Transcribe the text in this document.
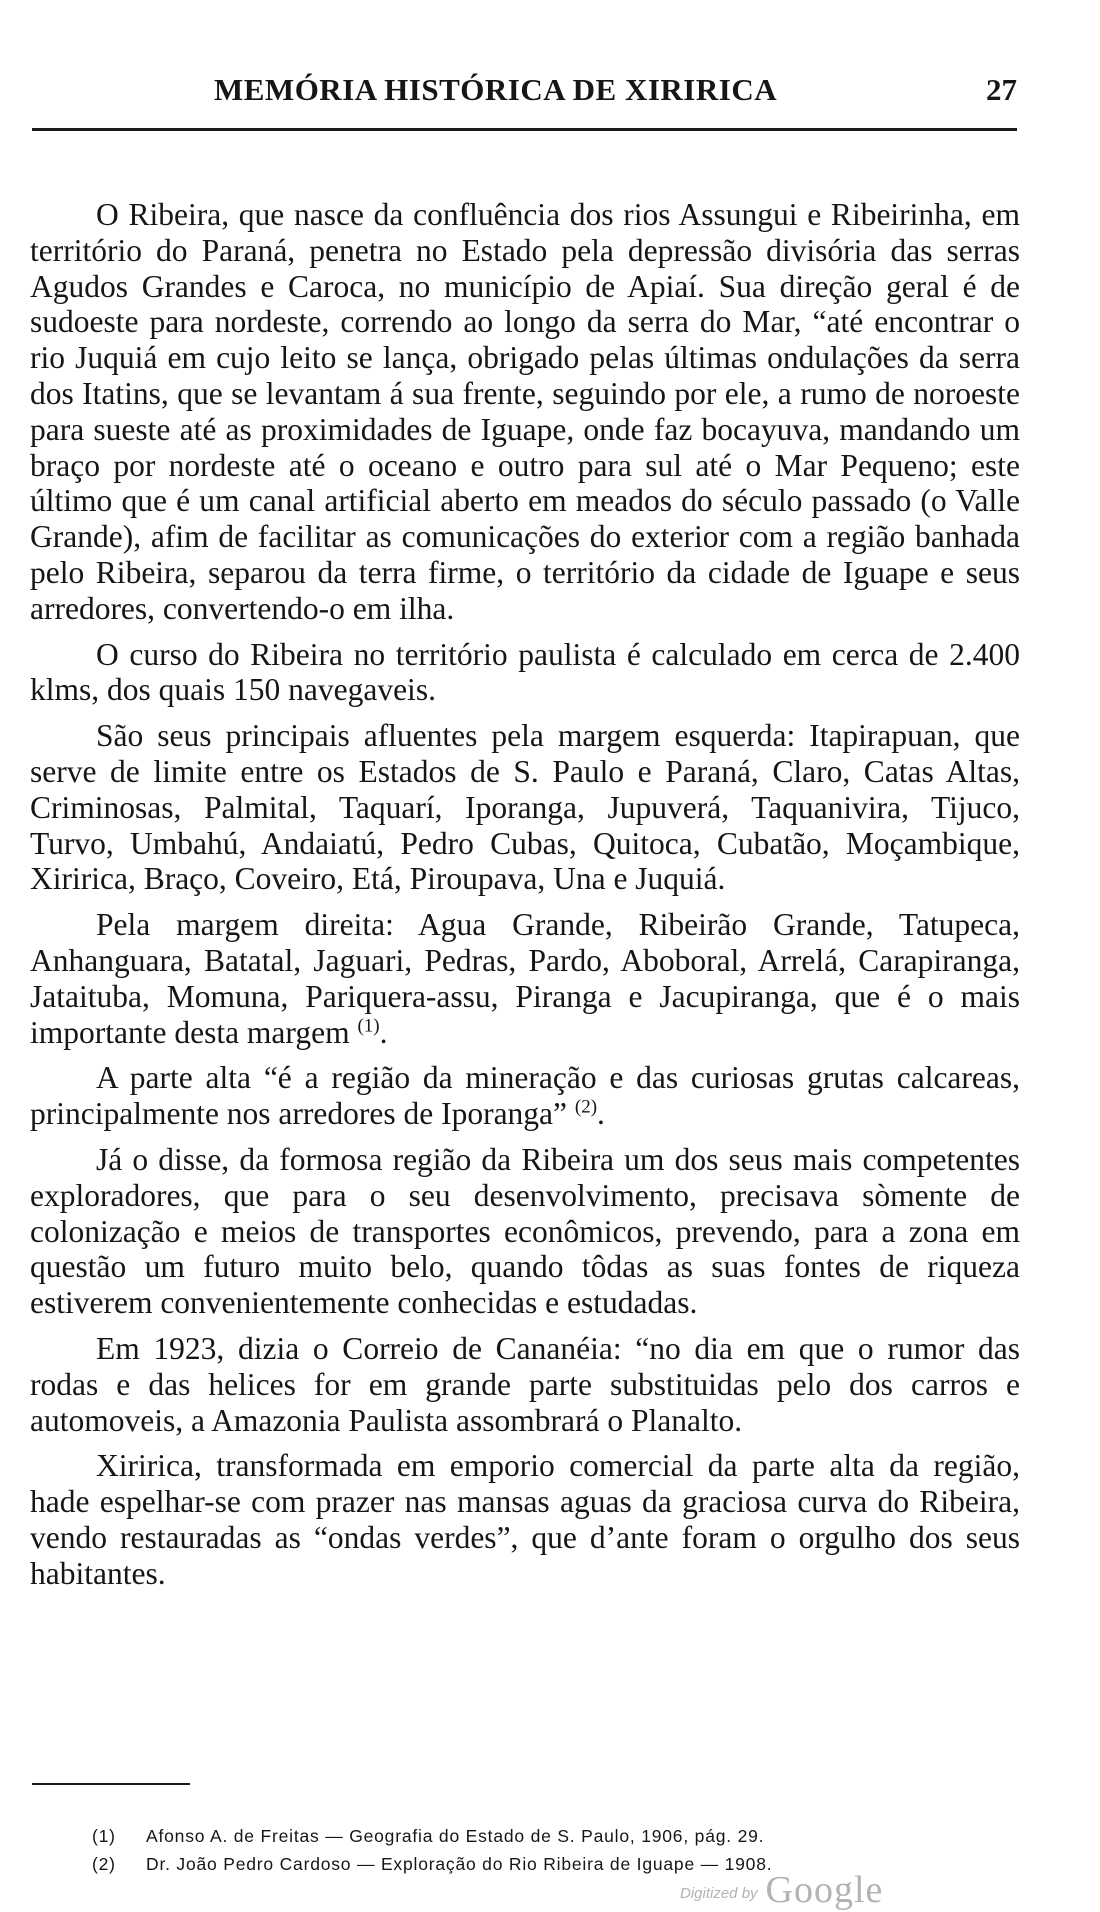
MEMÓRIA HISTÓRICA DE XIRIRICA	27

O Ribeira, que nasce da confluência dos rios Assungui e Ribeirinha, em território do Paraná, penetra no Estado pela depressão divisória das serras Agudos Grandes e Caroca, no município de Apiaí. Sua direção geral é de sudoeste para nordeste, correndo ao longo da serra do Mar, “até encontrar o rio Juquiá em cujo leito se lança, obrigado pelas últimas ondulações da serra dos Itatins, que se levantam á sua frente, seguindo por ele, a rumo de noroeste para sueste até as proximidades de Iguape, onde faz bocayuva, mandando um braço por nordeste até o oceano e outro para sul até o Mar Pequeno; este último que é um canal artificial aberto em meados do século passado (o Valle Grande), afim de facilitar as comunicações do exterior com a região banhada pelo Ribeira, separou da terra firme, o território da cidade de Iguape e seus arredores, convertendo-o em ilha.

O curso do Ribeira no território paulista é calculado em cerca de 2.400 klms, dos quais 150 navegaveis.

São seus principais afluentes pela margem esquerda: Itapirapuan, que serve de limite entre os Estados de S. Paulo e Paraná, Claro, Catas Altas, Criminosas, Palmital, Taquarí, Iporanga, Jupuverá, Taquanivira, Tijuco, Turvo, Umbahú, Andaiatú, Pedro Cubas, Quitoca, Cubatão, Moçambique, Xiririca, Braço, Coveiro, Etá, Piroupava, Una e Juquiá.

Pela margem direita: Agua Grande, Ribeirão Grande, Tatupeca, Anhanguara, Batatal, Jaguari, Pedras, Pardo, Aboboral, Arrelá, Carapiranga, Jataituba, Momuna, Pariquera-assu, Piranga e Jacupiranga, que é o mais importante desta margem $^{(1)}$.

A parte alta “é a região da mineração e das curiosas grutas calcareas, principalmente nos arredores de Iporanga” $^{(2)}$.

Já o disse, da formosa região da Ribeira um dos seus mais competentes exploradores, que para o seu desenvolvimento, precisava sòmente de colonização e meios de transportes econômicos, prevendo, para a zona em questão um futuro muito belo, quando tôdas as suas fontes de riqueza estiverem convenientemente conhecidas e estudadas.

Em 1923, dizia o Correio de Cananéia: “no dia em que o rumor das rodas e das helices for em grande parte substituidas pelo dos carros e automoveis, a Amazonia Paulista assombrará o Planalto.

Xiririca, transformada em emporio comercial da parte alta da região, hade espelhar-se com prazer nas mansas aguas da graciosa curva do Ribeira, vendo restauradas as “ondas verdes”, que d’ante foram o orgulho dos seus habitantes.

(1) Afonso A. de Freitas — Geografia do Estado de S. Paulo, 1906, pág. 29.
(2) Dr. João Pedro Cardoso — Exploração do Rio Ribeira de Iguape — 1908.
Digitized by Google
